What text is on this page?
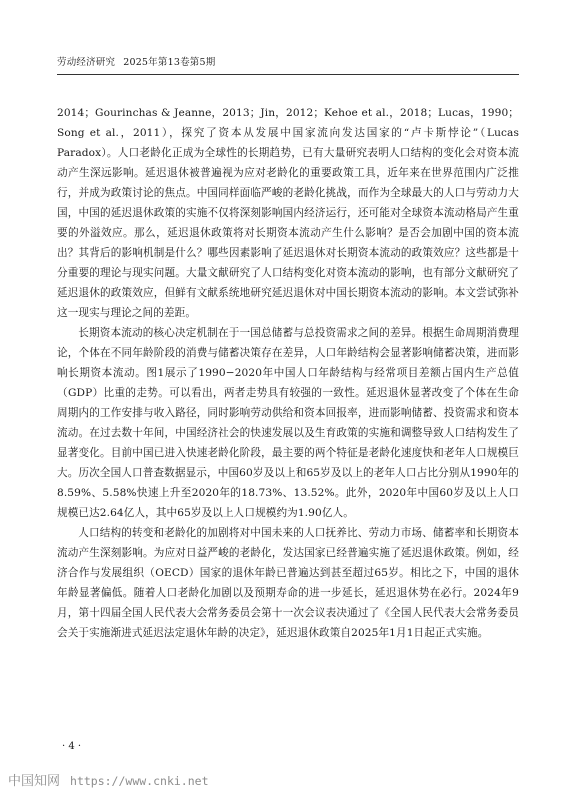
劳动经济研究 2025年第13卷第5期

2014；Gourinchas & Jeanne，2013；Jin，2012；Kehoe et al.，2018；Lucas，1990；Song et al.，2011），探究了资本从发展中国家流向发达国家的“卢卡斯悖论”（Lucas Paradox）。人口老龄化正成为全球性的长期趋势，已有大量研究表明人口结构的变化会对资本流动产生深远影响。延迟退休被普遍视为应对老龄化的重要政策工具，近年来在世界范围内广泛推行，并成为政策讨论的焦点。中国同样面临严峻的老龄化挑战，而作为全球最大的人口与劳动力大国，中国的延迟退休政策的实施不仅将深刻影响国内经济运行，还可能对全球资本流动格局产生重要的外溢效应。那么，延迟退休政策将对长期资本流动产生什么影响？是否会加剧中国的资本流出？其背后的影响机制是什么？哪些因素影响了延迟退休对长期资本流动的政策效应？这些都是十分重要的理论与现实问题。大量文献研究了人口结构变化对资本流动的影响，也有部分文献研究了延迟退休的政策效应，但鲜有文献系统地研究延迟退休对中国长期资本流动的影响。本文尝试弥补这一现实与理论之间的差距。

长期资本流动的核心决定机制在于一国总储蓄与总投资需求之间的差异。根据生命周期消费理论，个体在不同年龄阶段的消费与储蓄决策存在差异，人口年龄结构会显著影响储蓄决策，进而影响长期资本流动。图1展示了1990−2020年中国人口年龄结构与经常项目差额占国内生产总值（GDP）比重的走势。可以看出，两者走势具有较强的一致性。延迟退休显著改变了个体在生命周期内的工作安排与收入路径，同时影响劳动供给和资本回报率，进而影响储蓄、投资需求和资本流动。在过去数十年间，中国经济社会的快速发展以及生育政策的实施和调整导致人口结构发生了显著变化。目前中国已进入快速老龄化阶段，最主要的两个特征是老龄化速度快和老年人口规模巨大。历次全国人口普查数据显示，中国60岁及以上和65岁及以上的老年人口占比分别从1990年的8.59%、5.58%快速上升至2020年的18.73%、13.52%。此外，2020年中国60岁及以上人口规模已达2.64亿人，其中65岁及以上人口规模约为1.90亿人。

人口结构的转变和老龄化的加剧将对中国未来的人口抚养比、劳动力市场、储蓄率和长期资本流动产生深刻影响。为应对日益严峻的老龄化，发达国家已经普遍实施了延迟退休政策。例如，经济合作与发展组织（OECD）国家的退休年龄已普遍达到甚至超过65岁。相比之下，中国的退休年龄显著偏低。随着人口老龄化加剧以及预期寿命的进一步延长，延迟退休势在必行。2024年9月，第十四届全国人民代表大会常务委员会第十一次会议表决通过了《全国人民代表大会常务委员会关于实施渐进式延迟法定退休年龄的决定》，延迟退休政策自2025年1月1日起正式实施。

· 4 ·
中国知网 https://www.cnki.net
